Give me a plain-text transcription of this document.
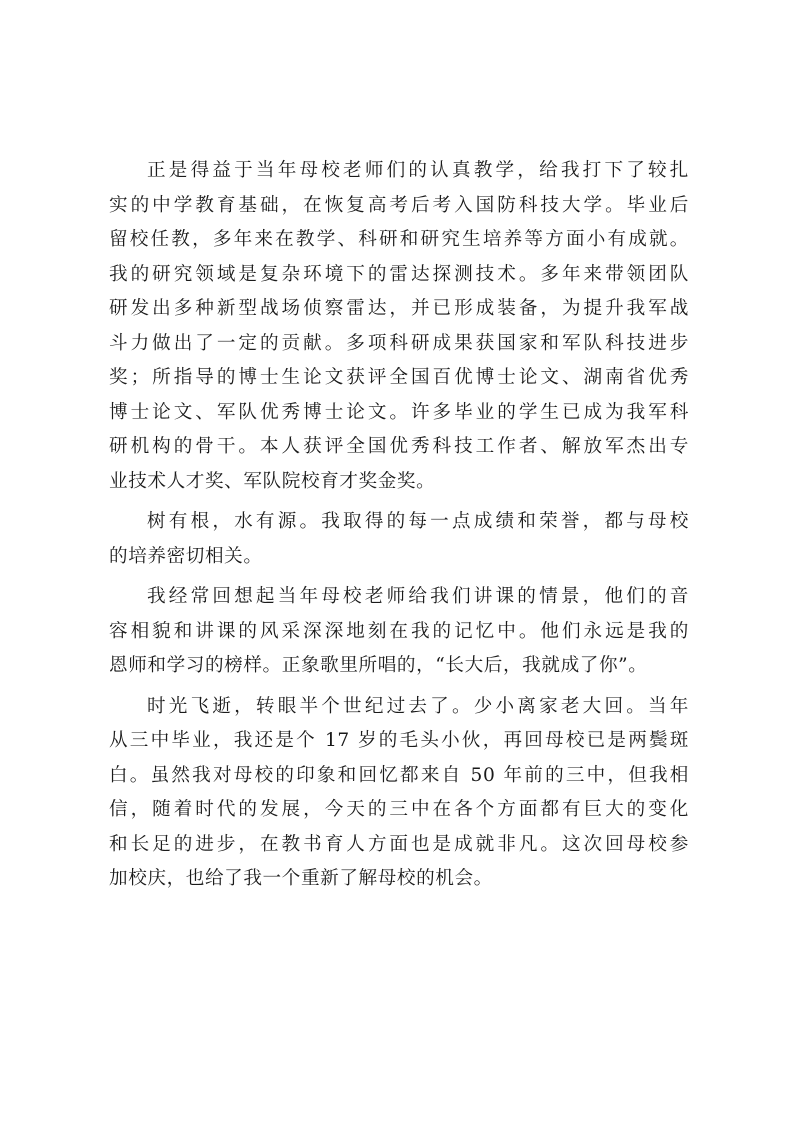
正是得益于当年母校老师们的认真教学，给我打下了较扎
实的中学教育基础，在恢复高考后考入国防科技大学。毕业后
留校任教，多年来在教学、科研和研究生培养等方面小有成就。
我的研究领域是复杂环境下的雷达探测技术。多年来带领团队
研发出多种新型战场侦察雷达，并已形成装备，为提升我军战
斗力做出了一定的贡献。多项科研成果获国家和军队科技进步
奖；所指导的博士生论文获评全国百优博士论文、湖南省优秀
博士论文、军队优秀博士论文。许多毕业的学生已成为我军科
研机构的骨干。本人获评全国优秀科技工作者、解放军杰出专
业技术人才奖、军队院校育才奖金奖。
树有根，水有源。我取得的每一点成绩和荣誉，都与母校
的培养密切相关。
我经常回想起当年母校老师给我们讲课的情景，他们的音
容相貌和讲课的风采深深地刻在我的记忆中。他们永远是我的
恩师和学习的榜样。正象歌里所唱的，“长大后，我就成了你”。
时光飞逝，转眼半个世纪过去了。少小离家老大回。当年
从三中毕业，我还是个 17 岁的毛头小伙，再回母校已是两鬓斑
白。虽然我对母校的印象和回忆都来自 50 年前的三中，但我相
信，随着时代的发展，今天的三中在各个方面都有巨大的变化
和长足的进步，在教书育人方面也是成就非凡。这次回母校参
加校庆，也给了我一个重新了解母校的机会。
